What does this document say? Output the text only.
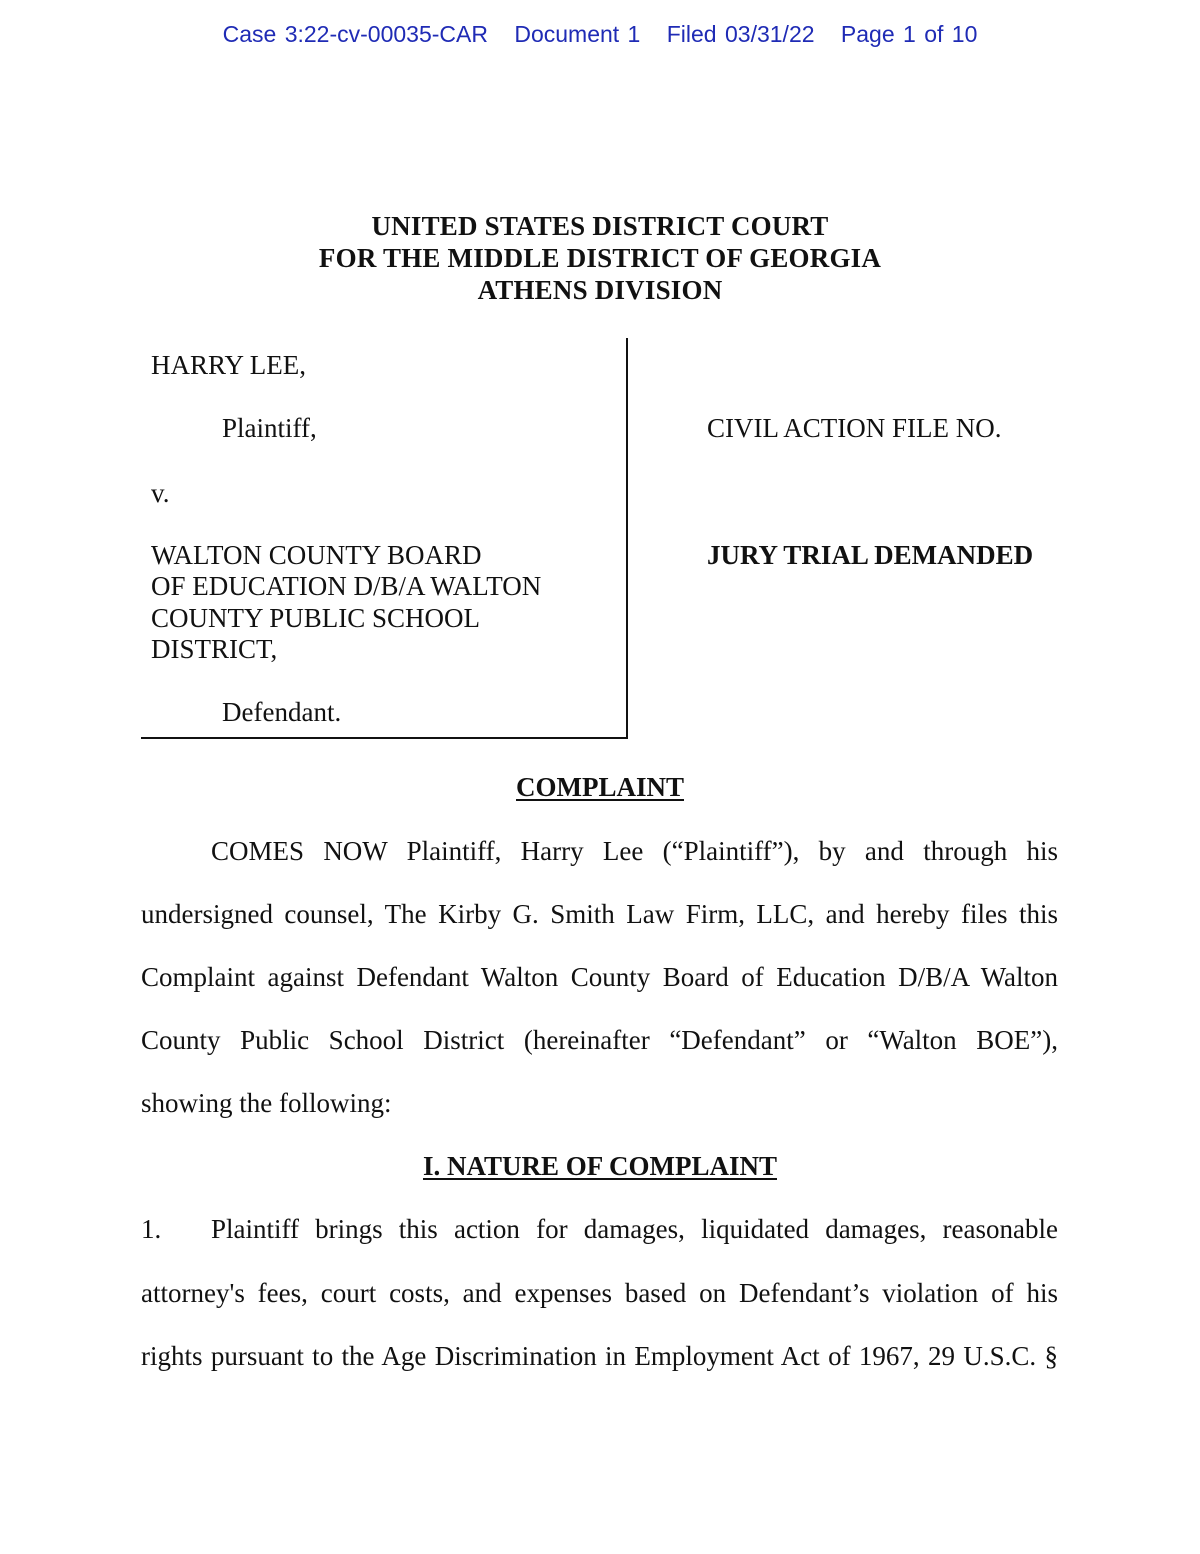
Case 3:22-cv-00035-CAR Document 1 Filed 03/31/22 Page 1 of 10
UNITED STATES DISTRICT COURT
FOR THE MIDDLE DISTRICT OF GEORGIA
ATHENS DIVISION
HARRY LEE,
Plaintiff,
v.
WALTON COUNTY BOARD
OF EDUCATION D/B/A WALTON
COUNTY PUBLIC SCHOOL
DISTRICT,
Defendant.
CIVIL ACTION FILE NO.
JURY TRIAL DEMANDED
COMPLAINT
COMES NOW Plaintiff, Harry Lee (“Plaintiff”), by and through his
undersigned counsel, The Kirby G. Smith Law Firm, LLC, and hereby files this
Complaint against Defendant Walton County Board of Education D/B/A Walton
County Public School District (hereinafter “Defendant” or “Walton BOE”),
showing the following:
I. NATURE OF COMPLAINT
1. Plaintiff brings this action for damages, liquidated damages, reasonable
attorney's fees, court costs, and expenses based on Defendant’s violation of his
rights pursuant to the Age Discrimination in Employment Act of 1967, 29 U.S.C. §
